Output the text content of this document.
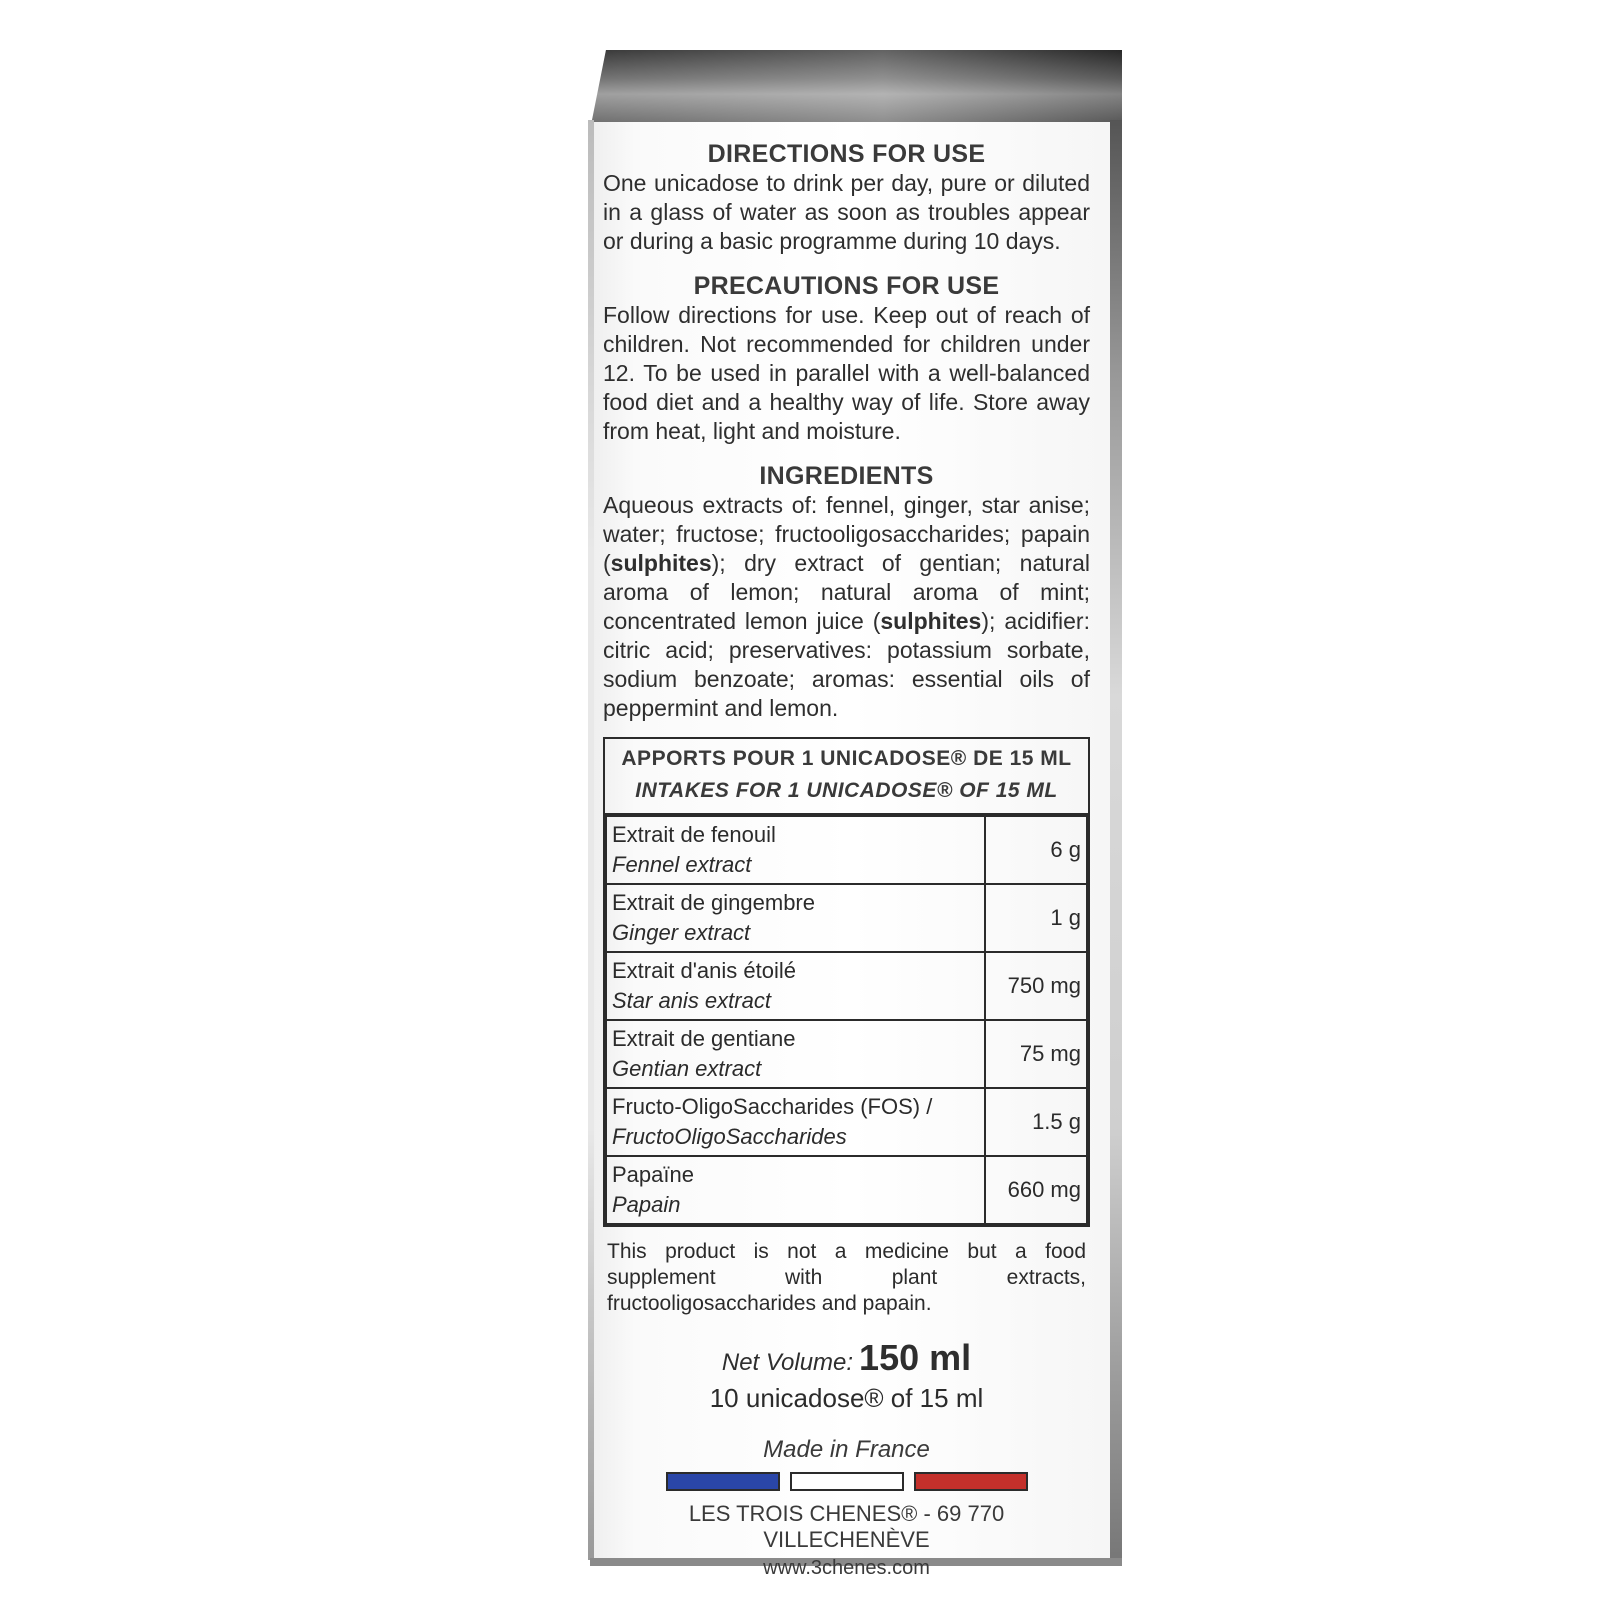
DIRECTIONS FOR USE

One unicadose to drink per day, pure or diluted in a glass of water as soon as troubles appear or during a basic programme during 10 days.

PRECAUTIONS FOR USE

Follow directions for use. Keep out of reach of children. Not recommended for children under 12. To be used in parallel with a well-balanced food diet and a healthy way of life. Store away from heat, light and moisture.

INGREDIENTS

Aqueous extracts of: fennel, ginger, star anise; water; fructose; fructooligosaccharides; papain (sulphites); dry extract of gentian; natural aroma of lemon; natural aroma of mint; concentrated lemon juice (sulphites); acidifier: citric acid; preservatives: potassium sorbate, sodium benzoate; aromas: essential oils of peppermint and lemon.

APPORTS POUR 1 UNICADOSE® DE 15 ML
INTAKES FOR 1 UNICADOSE® OF 15 ML
Extrait de fenouil
Fennel extract	6 g
Extrait de gingembre
Ginger extract	1 g
Extrait d'anis étoilé
Star anis extract	750 mg
Extrait de gentiane
Gentian extract	75 mg
Fructo-OligoSaccharides (FOS) /
FructoOligoSaccharides	1.5 g
Papaïne
Papain	660 mg
This product is not a medicine but a food supplement with plant extracts, fructooligosaccharides and papain.
Net Volume: 150 ml
10 unicadose® of 15 ml
Made in France
LES TROIS CHENES® - 69 770 VILLECHENÈVE
www.3chenes.com
